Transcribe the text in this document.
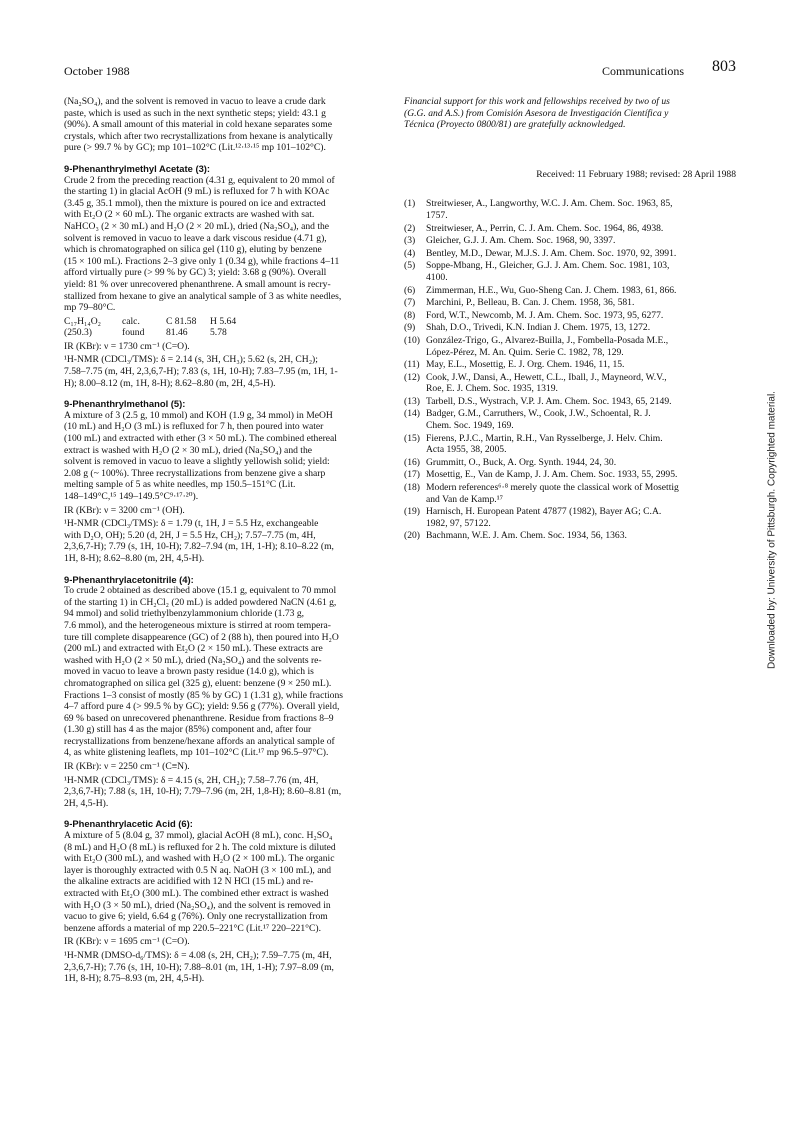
October 1988	Communications 803
(Na₂SO₄), and the solvent is removed in vacuo to leave a crude dark
paste, which is used as such in the next synthetic steps; yield: 43.1 g
(90%). A small amount of this material in cold hexane separates some
crystals, which after two recrystallizations from hexane is analytically
pure (> 99.7 % by GC); mp 101–102°C (Lit.¹²·¹³·¹⁵ mp 101–102°C).
9-Phenanthrylmethyl Acetate (3):
Crude 2 from the preceding reaction (4.31 g, equivalent to 20 mmol of
the starting 1) in glacial AcOH (9 mL) is refluxed for 7 h with KOAc
(3.45 g, 35.1 mmol), then the mixture is poured on ice and extracted
with Et₂O (2 × 60 mL). The organic extracts are washed with sat.
NaHCO₃ (2 × 30 mL) and H₂O (2 × 20 mL), dried (Na₂SO₄), and the
solvent is removed in vacuo to leave a dark viscous residue (4.71 g),
which is chromatographed on silica gel (110 g), eluting by benzene
(15 × 100 mL). Fractions 2–3 give only 1 (0.34 g), while fractions 4–11
afford virtually pure (> 99 % by GC) 3; yield: 3.68 g (90%). Overall
yield: 81 % over unrecovered phenanthrene. A small amount is recry-
stallized from hexane to give an analytical sample of 3 as white needles,
mp 79–80°C.
C₁₇H₁₄O₂	calc.	C 81.58	H 5.64
(250.3)	found	81.46	5.78
IR (KBr): ν = 1730 cm⁻¹ (C=O).
¹H-NMR (CDCl₃/TMS): δ = 2.14 (s, 3H, CH₃); 5.62 (s, 2H, CH₂);
7.58–7.75 (m, 4H, 2,3,6,7-H); 7.83 (s, 1H, 10-H); 7.83–7.95 (m, 1H, 1-
H); 8.00–8.12 (m, 1H, 8-H); 8.62–8.80 (m, 2H, 4,5-H).
9-Phenanthrylmethanol (5):
A mixture of 3 (2.5 g, 10 mmol) and KOH (1.9 g, 34 mmol) in MeOH
(10 mL) and H₂O (3 mL) is refluxed for 7 h, then poured into water
(100 mL) and extracted with ether (3 × 50 mL). The combined ethereal
extract is washed with H₂O (2 × 30 mL), dried (Na₂SO₄) and the
solvent is removed in vacuo to leave a slightly yellowish solid; yield:
2.08 g (~ 100%). Three recrystallizations from benzene give a sharp
melting sample of 5 as white needles, mp 150.5–151°C (Lit.
148–149°C,¹⁵ 149–149.5°C⁹·¹⁷·²⁰).
IR (KBr): ν = 3200 cm⁻¹ (OH).
¹H-NMR (CDCl₃/TMS): δ = 1.79 (t, 1H, J = 5.5 Hz, exchangeable
with D₂O, OH); 5.20 (d, 2H, J = 5.5 Hz, CH₂); 7.57–7.75 (m, 4H,
2,3,6,7-H); 7.79 (s, 1H, 10-H); 7.82–7.94 (m, 1H, 1-H); 8.10–8.22 (m,
1H, 8-H); 8.62–8.80 (m, 2H, 4,5-H).
9-Phenanthrylacetonitrile (4):
To crude 2 obtained as described above (15.1 g, equivalent to 70 mmol
of the starting 1) in CH₂Cl₂ (20 mL) is added powdered NaCN (4.61 g,
94 mmol) and solid triethylbenzylammonium chloride (1.73 g,
7.6 mmol), and the heterogeneous mixture is stirred at room tempera-
ture till complete disappearence (GC) of 2 (88 h), then poured into H₂O
(200 mL) and extracted with Et₂O (2 × 150 mL). These extracts are
washed with H₂O (2 × 50 mL), dried (Na₂SO₄) and the solvents re-
moved in vacuo to leave a brown pasty residue (14.0 g), which is
chromatographed on silica gel (325 g), eluent: benzene (9 × 250 mL).
Fractions 1–3 consist of mostly (85 % by GC) 1 (1.31 g), while fractions
4–7 afford pure 4 (> 99.5 % by GC); yield: 9.56 g (77%). Overall yield,
69 % based on unrecovered phenanthrene. Residue from fractions 8–9
(1.30 g) still has 4 as the major (85%) component and, after four
recrystallizations from benzene/hexane affords an analytical sample of
4, as white glistening leaflets, mp 101–102°C (Lit.¹⁷ mp 96.5–97°C).
IR (KBr): ν = 2250 cm⁻¹ (C≡N).
¹H-NMR (CDCl₃/TMS): δ = 4.15 (s, 2H, CH₂); 7.58–7.76 (m, 4H,
2,3,6,7-H); 7.88 (s, 1H, 10-H); 7.79–7.96 (m, 2H, 1,8-H); 8.60–8.81 (m,
2H, 4,5-H).
9-Phenanthrylacetic Acid (6):
A mixture of 5 (8.04 g, 37 mmol), glacial AcOH (8 mL), conc. H₂SO₄
(8 mL) and H₂O (8 mL) is refluxed for 2 h. The cold mixture is diluted
with Et₂O (300 mL), and washed with H₂O (2 × 100 mL). The organic
layer is thoroughly extracted with 0.5 N aq. NaOH (3 × 100 mL), and
the alkaline extracts are acidified with 12 N HCl (15 mL) and re-
extracted with Et₂O (300 mL). The combined ether extract is washed
with H₂O (3 × 50 mL), dried (Na₂SO₄), and the solvent is removed in
vacuo to give 6; yield, 6.64 g (76%). Only one recrystallization from
benzene affords a material of mp 220.5–221°C (Lit.¹⁷ 220–221°C).
IR (KBr): ν = 1695 cm⁻¹ (C=O).
¹H-NMR (DMSO-d₆/TMS): δ = 4.08 (s, 2H, CH₂); 7.59–7.75 (m, 4H,
2,3,6,7-H); 7.76 (s, 1H, 10-H); 7.88–8.01 (m, 1H, 1-H); 7.97–8.09 (m,
1H, 8-H); 8.75–8.93 (m, 2H, 4,5-H).
Financial support for this work and fellowships received by two of us
(G.G. and A.S.) from Comisión Asesora de Investigación Científica y
Técnica (Proyecto 0800/81) are gratefully acknowledged.
Received: 11 February 1988; revised: 28 April 1988
(1)	Streitwieser, A., Langworthy, W.C. J. Am. Chem. Soc. 1963, 85,
1757.
(2)	Streitwieser, A., Perrin, C. J. Am. Chem. Soc. 1964, 86, 4938.
(3)	Gleicher, G.J. J. Am. Chem. Soc. 1968, 90, 3397.
(4)	Bentley, M.D., Dewar, M.J.S. J. Am. Chem. Soc. 1970, 92, 3991.
(5)	Soppe-Mbang, H., Gleicher, G.J. J. Am. Chem. Soc. 1981, 103,
4100.
(6)	Zimmerman, H.E., Wu, Guo-Sheng Can. J. Chem. 1983, 61, 866.
(7)	Marchini, P., Belleau, B. Can. J. Chem. 1958, 36, 581.
(8)	Ford, W.T., Newcomb, M. J. Am. Chem. Soc. 1973, 95, 6277.
(9)	Shah, D.O., Trivedi, K.N. Indian J. Chem. 1975, 13, 1272.
(10) González-Trigo, G., Alvarez-Builla, J., Fombella-Posada M.E.,
López-Pérez, M. An. Quim. Serie C. 1982, 78, 129.
(11) May, E.L., Mosettig, E. J. Org. Chem. 1946, 11, 15.
(12) Cook, J.W., Dansi, A., Hewett, C.L., Iball, J., Mayneord, W.V.,
Roe, E. J. Chem. Soc. 1935, 1319.
(13) Tarbell, D.S., Wystrach, V.P. J. Am. Chem. Soc. 1943, 65, 2149.
(14) Badger, G.M., Carruthers, W., Cook, J.W., Schoental, R. J.
Chem. Soc. 1949, 169.
(15) Fierens, P.J.C., Martin, R.H., Van Rysselberge, J. Helv. Chim.
Acta 1955, 38, 2005.
(16) Grummitt, O., Buck, A. Org. Synth. 1944, 24, 30.
(17) Mosettig, E., Van de Kamp, J. J. Am. Chem. Soc. 1933, 55, 2995.
(18) Modern references⁶·⁸ merely quote the classical work of Mosettig
and Van de Kamp.¹⁷
(19) Harnisch, H. European Patent 47877 (1982), Bayer AG; C.A.
1982, 97, 57122.
(20) Bachmann, W.E. J. Am. Chem. Soc. 1934, 56, 1363.	Downloaded by: University of Pittsburgh. Copyrighted material.
